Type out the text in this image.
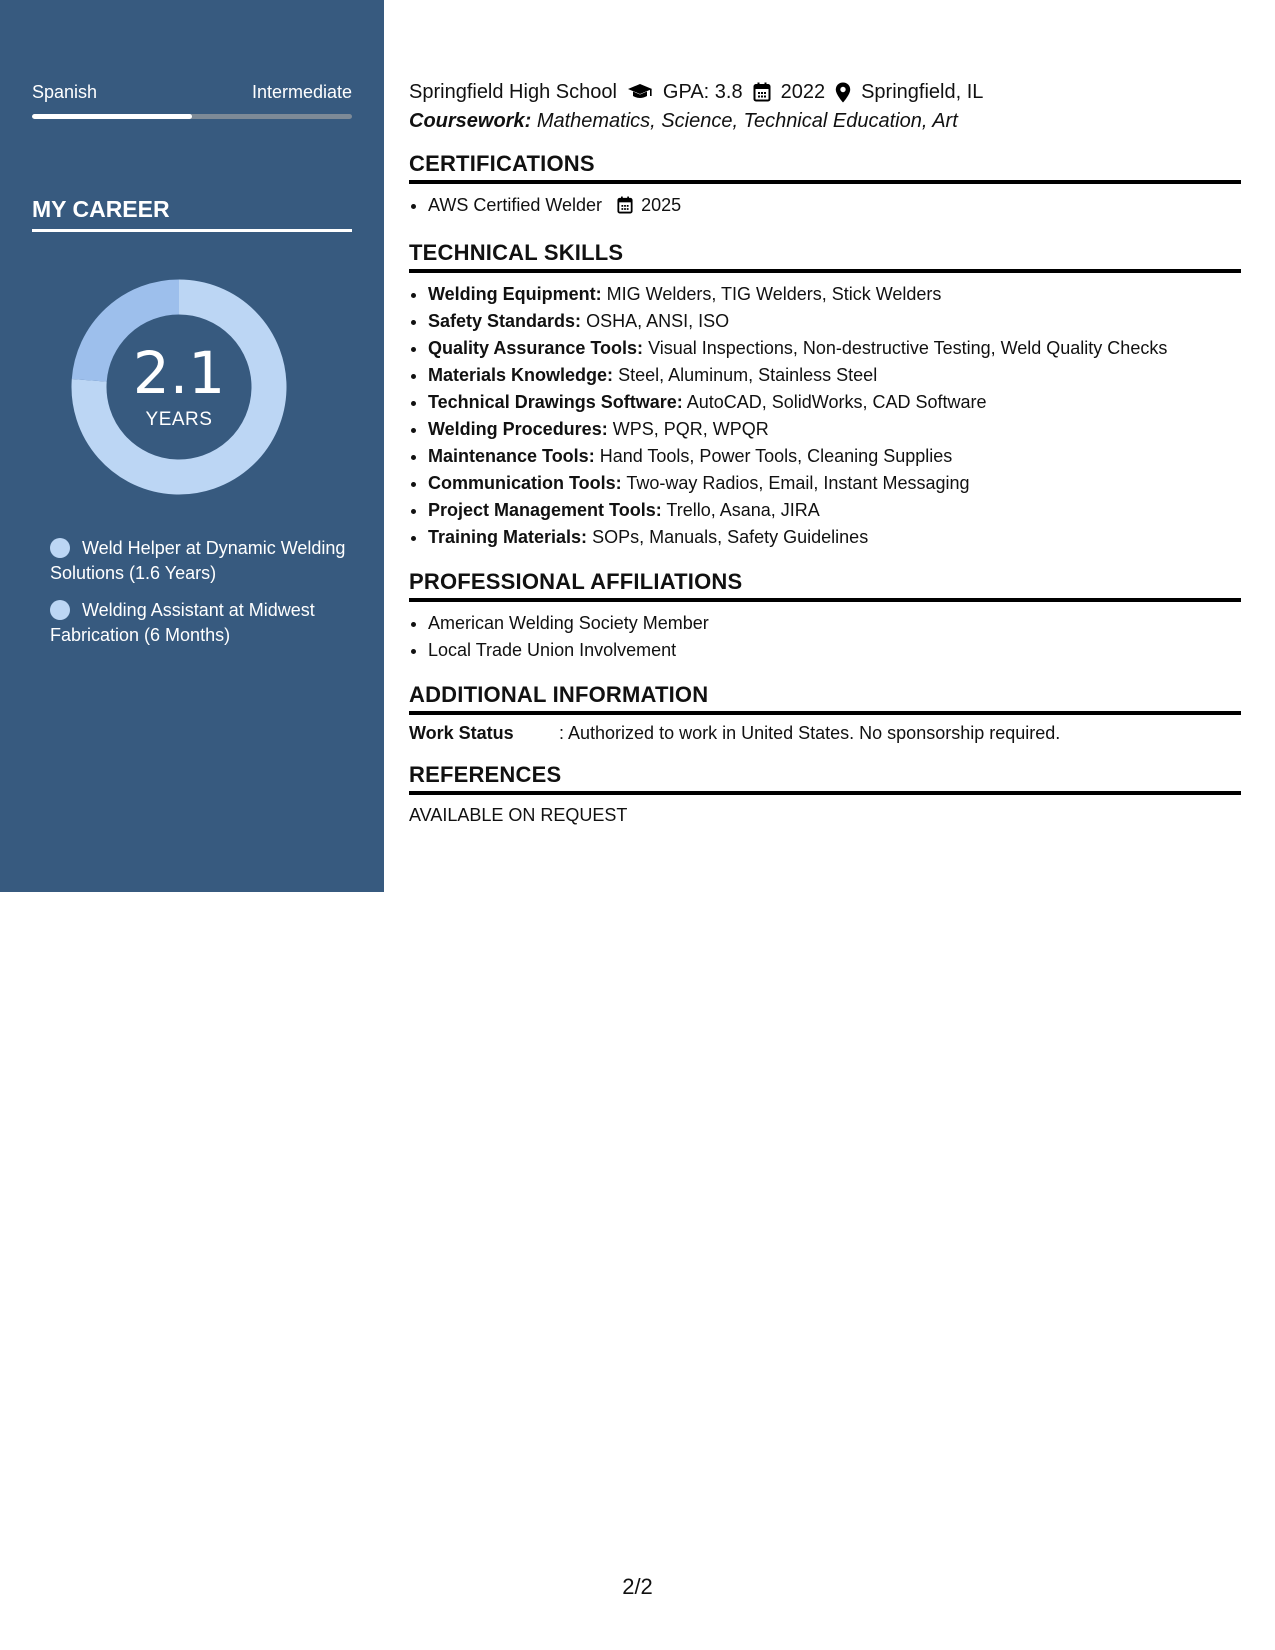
Spanish	Intermediate
MY CAREER
2.1
YEARS
Weld Helper at Dynamic Welding Solutions (1.6 Years)
Welding Assistant at Midwest Fabrication (6 Months)
Springfield High School GPA: 3.8 2022 Springfield, IL
Coursework: Mathematics, Science, Technical Education, Art
CERTIFICATIONS
• AWS Certified Welder 2025
TECHNICAL SKILLS
• Welding Equipment: MIG Welders, TIG Welders, Stick Welders
• Safety Standards: OSHA, ANSI, ISO
• Quality Assurance Tools: Visual Inspections, Non-destructive Testing, Weld Quality Checks
• Materials Knowledge: Steel, Aluminum, Stainless Steel
• Technical Drawings Software: AutoCAD, SolidWorks, CAD Software
• Welding Procedures: WPS, PQR, WPQR
• Maintenance Tools: Hand Tools, Power Tools, Cleaning Supplies
• Communication Tools: Two-way Radios, Email, Instant Messaging
• Project Management Tools: Trello, Asana, JIRA
• Training Materials: SOPs, Manuals, Safety Guidelines
PROFESSIONAL AFFILIATIONS
• American Welding Society Member
• Local Trade Union Involvement
ADDITIONAL INFORMATION
Work Status	: Authorized to work in United States. No sponsorship required.
REFERENCES
AVAILABLE ON REQUEST
2/2
